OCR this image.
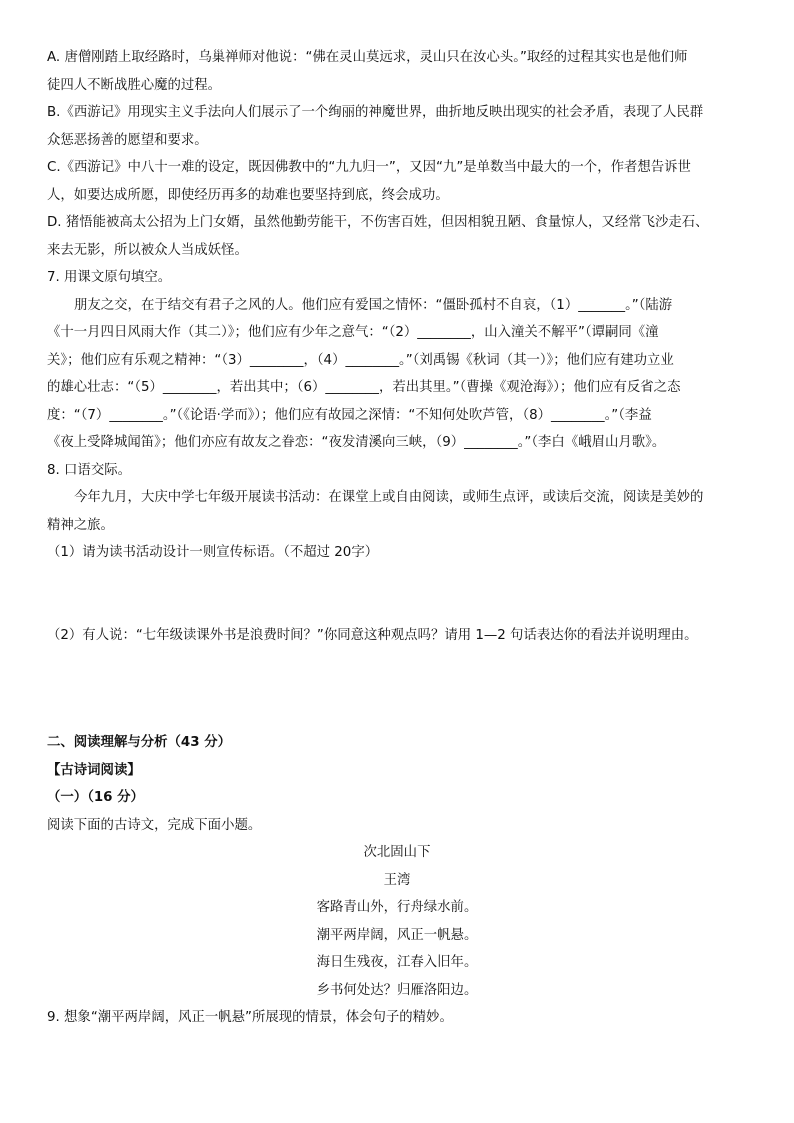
A. 唐僧刚踏上取经路时，乌巢禅师对他说：“佛在灵山莫远求，灵山只在汝心头。”取经的过程其实也是他们师
徒四人不断战胜心魔的过程。
B.《西游记》用现实主义手法向人们展示了一个绚丽的神魔世界，曲折地反映出现实的社会矛盾，表现了人民群
众惩恶扬善的愿望和要求。
C.《西游记》中八十一难的设定，既因佛教中的“九九归一”，又因“九”是单数当中最大的一个，作者想告诉世
人，如要达成所愿，即使经历再多的劫难也要坚持到底，终会成功。
D. 猪悟能被高太公招为上门女婿，虽然他勤劳能干，不伤害百姓，但因相貌丑陋、食量惊人，又经常飞沙走石、
来去无影，所以被众人当成妖怪。
7. 用课文原句填空。
朋友之交，在于结交有君子之风的人。他们应有爱国之情怀：“僵卧孤村不自哀，（1）_______。”（陆游
《十一月四日风雨大作（其二）》；他们应有少年之意气：“（2）________，山入潼关不解平”（谭嗣同《潼
关》；他们应有乐观之精神：“（3）________，（4）________。”（刘禹锡《秋词（其一）》；他们应有建功立业
的雄心壮志：“（5）________，若出其中；（6）________，若出其里。”（曹操《观沧海》）；他们应有反省之态
度：“（7）________。”（《论语·学而》）；他们应有故园之深情：“不知何处吹芦管，（8）________。”（李益
《夜上受降城闻笛》；他们亦应有故友之眷恋：“夜发清溪向三峡，（9）________。”（李白《峨眉山月歌》。
8. 口语交际。
今年九月，大庆中学七年级开展读书活动：在课堂上或自由阅读，或师生点评，或读后交流，阅读是美妙的
精神之旅。
（1）请为读书活动设计一则宣传标语。（不超过 20字）
（2）有人说：“七年级读课外书是浪费时间？”你同意这种观点吗？请用 1—2 句话表达你的看法并说明理由。
二、阅读理解与分析（43 分）
【古诗词阅读】
（一）（16 分）
阅读下面的古诗文，完成下面小题。
次北固山下
王湾
客路青山外，行舟绿水前。
潮平两岸阔，风正一帆悬。
海日生残夜，江春入旧年。
乡书何处达？归雁洛阳边。
9. 想象“潮平两岸阔，风正一帆悬”所展现的情景，体会句子的精妙。
